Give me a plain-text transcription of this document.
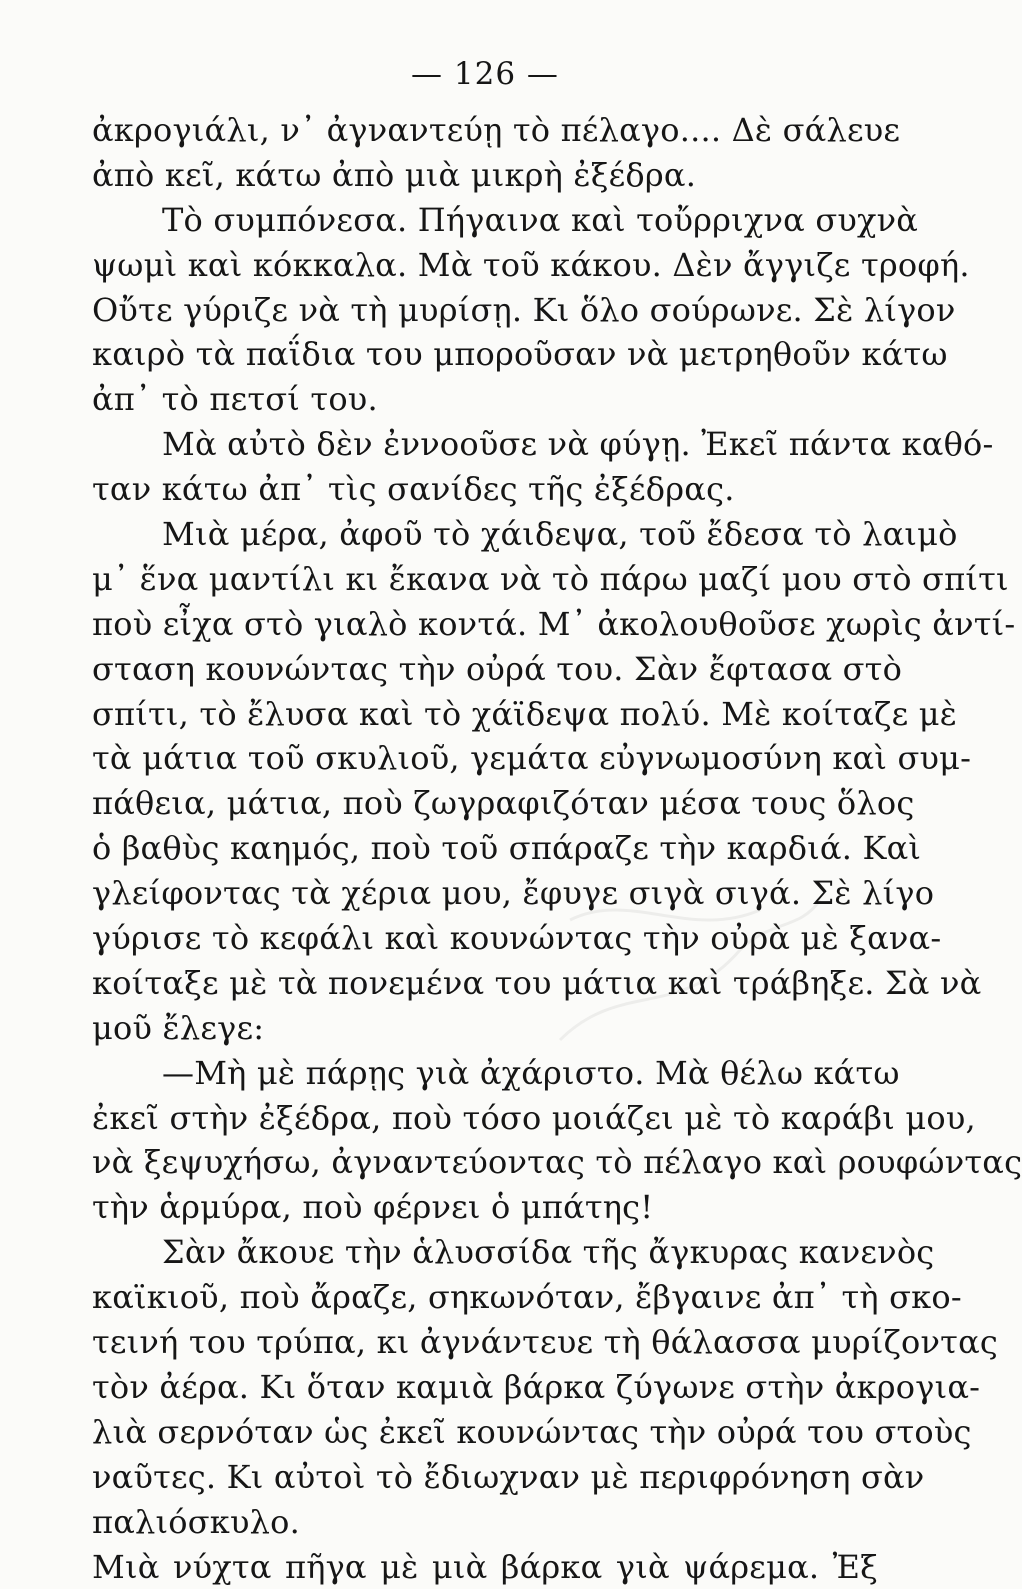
— 126 —
ἀκρογιάλι, ν᾿ ἀγναντεύῃ τὸ πέλαγο.... Δὲ σάλευε
ἀπὸ κεῖ, κάτω ἀπὸ μιὰ μικρὴ ἐξέδρα.
Τὸ συμπόνεσα. Πήγαινα καὶ τοὔρριχνα συχνὰ
ψωμὶ καὶ κόκκαλα. Μὰ τοῦ κάκου. Δὲν ἄγγιζε τροφή.
Οὔτε γύριζε νὰ τὴ μυρίσῃ. Κι ὅλο σούρωνε. Σὲ λίγον
καιρὸ τὰ παΐδια του μποροῦσαν νὰ μετρηθοῦν κάτω
ἀπ᾿ τὸ πετσί του.
Μὰ αὐτὸ δὲν ἐννοοῦσε νὰ φύγῃ. Ἐκεῖ πάντα καθό-
ταν κάτω ἀπ᾿ τὶς σανίδες τῆς ἐξέδρας.
Μιὰ μέρα, ἀφοῦ τὸ χάιδεψα, τοῦ ἔδεσα τὸ λαιμὸ
μ᾿ ἕνα μαντίλι κι ἔκανα νὰ τὸ πάρω μαζί μου στὸ σπίτι
ποὺ εἶχα στὸ γιαλὸ κοντά. Μ᾿ ἀκολουθοῦσε χωρὶς ἀντί-
σταση κουνώντας τὴν οὐρά του. Σὰν ἔφτασα στὸ
σπίτι, τὸ ἔλυσα καὶ τὸ χάϊδεψα πολύ. Μὲ κοίταζε μὲ
τὰ μάτια τοῦ σκυλιοῦ, γεμάτα εὐγνωμοσύνη καὶ συμ-
πάθεια, μάτια, ποὺ ζωγραφιζόταν μέσα τους ὅλος
ὁ βαθὺς καημός, ποὺ τοῦ σπάραζε τὴν καρδιά. Καὶ
γλείφοντας τὰ χέρια μου, ἔφυγε σιγὰ σιγά. Σὲ λίγο
γύρισε τὸ κεφάλι καὶ κουνώντας τὴν οὐρὰ μὲ ξανα-
κοίταξε μὲ τὰ πονεμένα του μάτια καὶ τράβηξε. Σὰ νὰ
μοῦ ἔλεγε:
—Μὴ μὲ πάρῃς γιὰ ἀχάριστο. Μὰ θέλω κάτω
ἐκεῖ στὴν ἐξέδρα, ποὺ τόσο μοιάζει μὲ τὸ καράβι μου,
νὰ ξεψυχήσω, ἀγναντεύοντας τὸ πέλαγο καὶ ρουφώντας
τὴν ἁρμύρα, ποὺ φέρνει ὁ μπάτης!
Σὰν ἄκουε τὴν ἁλυσσίδα τῆς ἄγκυρας κανενὸς
καϊκιοῦ, ποὺ ἄραζε, σηκωνόταν, ἔβγαινε ἀπ᾿ τὴ σκο-
τεινή του τρύπα, κι ἀγνάντευε τὴ θάλασσα μυρίζοντας
τὸν ἀέρα. Κι ὅταν καμιὰ βάρκα ζύγωνε στὴν ἀκρογια-
λιὰ σερνόταν ὡς ἐκεῖ κουνώντας τὴν οὐρά του στοὺς
ναῦτες. Κι αὐτοὶ τὸ ἔδιωχναν μὲ περιφρόνηση σὰν
παλιόσκυλο.
Μιὰ νύχτα πῆγα μὲ μιὰ βάρκα γιὰ ψάρεμα. Ἐξ
